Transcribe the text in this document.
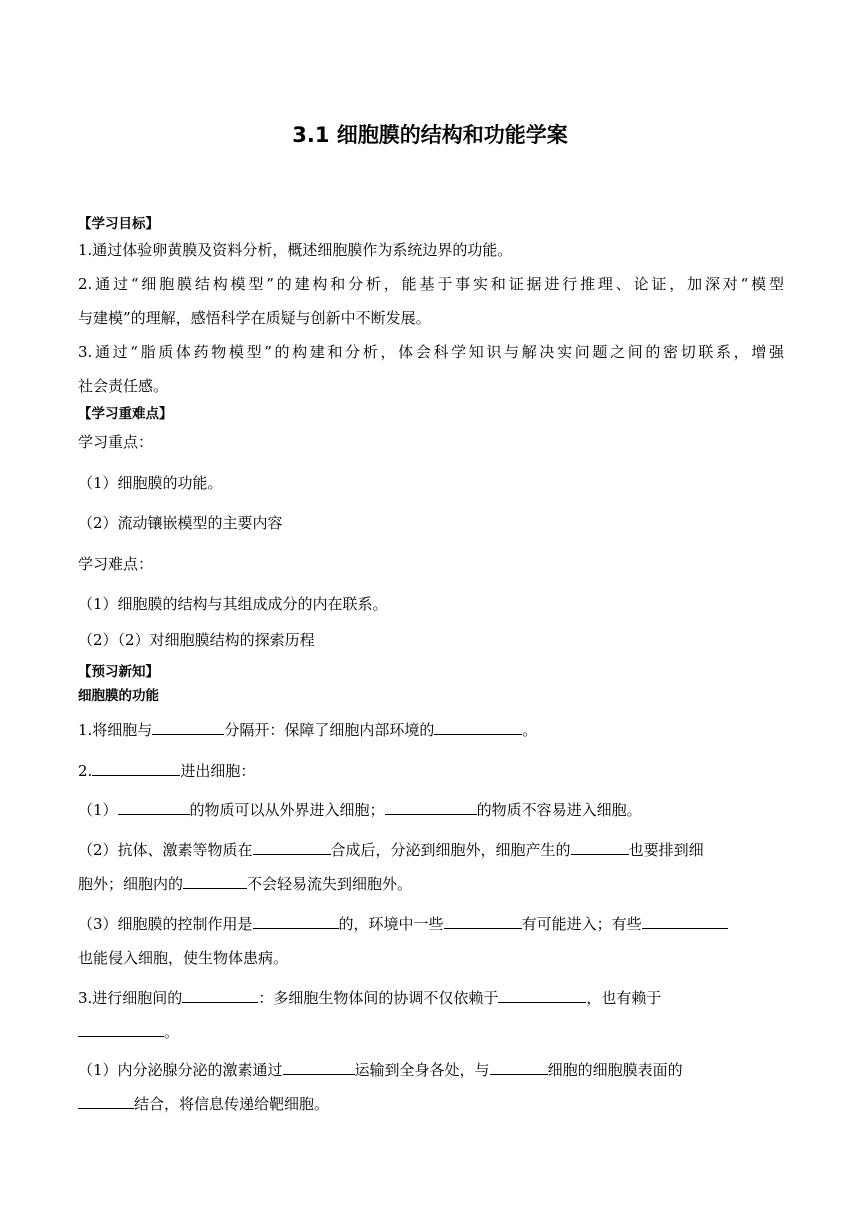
3.1 细胞膜的结构和功能学案
【学习目标】
1.通过体验卵黄膜及资料分析，概述细胞膜作为系统边界的功能。
2.通过“细胞膜结构模型”的建构和分析，能基于事实和证据进行推理、论证，加深对“模型
与建模”的理解，感悟科学在质疑与创新中不断发展。
3.通过“脂质体药物模型”的构建和分析，体会科学知识与解决实问题之间的密切联系，增强
社会责任感。
【学习重难点】
学习重点：
（1）细胞膜的功能。
（2）流动镶嵌模型的主要内容
学习难点：
（1）细胞膜的结构与其组成成分的内在联系。
（2）（2）对细胞膜结构的探索历程
【预习新知】
细胞膜的功能
1.将细胞与	分隔开：保障了细胞内部环境的	。
2.	进出细胞：
（1）	的物质可以从外界进入细胞；	的物质不容易进入细胞。
（2）抗体、激素等物质在	合成后，分泌到细胞外，细胞产生的	也要排到细
胞外；细胞内的	不会轻易流失到细胞外。
（3）细胞膜的控制作用是	的，环境中一些	有可能进入；有些
也能侵入细胞，使生物体患病。
3.进行细胞间的	：多细胞生物体间的协调不仅依赖于	，也有赖于
。
（1）内分泌腺分泌的激素通过	运输到全身各处，与	细胞的细胞膜表面的
结合，将信息传递给靶细胞。
